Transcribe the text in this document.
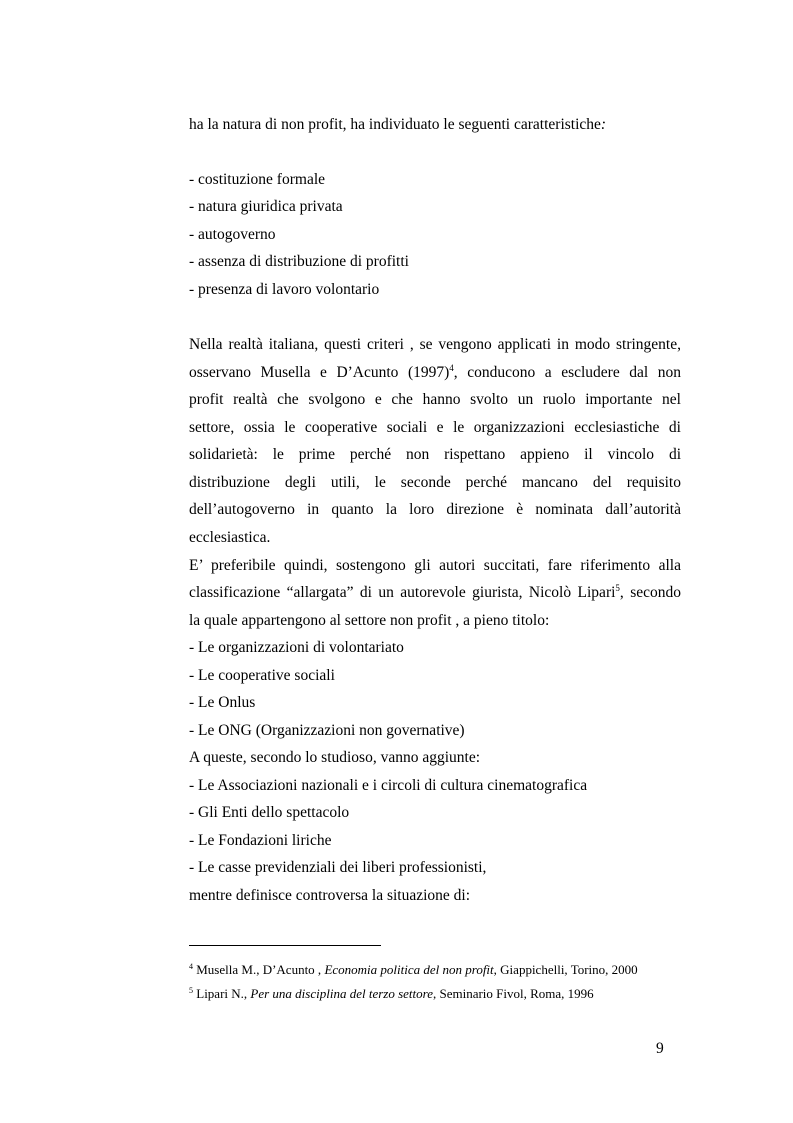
ha la natura di non profit, ha individuato le seguenti caratteristiche:
- costituzione formale
- natura giuridica privata
- autogoverno
- assenza di distribuzione di profitti
- presenza di lavoro volontario
Nella realtà italiana, questi criteri , se vengono applicati in modo stringente,
osservano Musella e D’Acunto $(1997)^4$, conducono a escludere dal non
profit realtà che svolgono e che hanno svolto un ruolo importante nel
settore, ossia le cooperative sociali e le organizzazioni ecclesiastiche di
solidarietà: le prime perché non rispettano appieno il vincolo di
distribuzione degli utili, le seconde perché mancano del requisito
dell’autogoverno in quanto la loro direzione è nominata dall’autorità
ecclesiastica.
E’ preferibile quindi, sostengono gli autori succitati, fare riferimento alla
classificazione “allargata” di un autorevole giurista, Nicolò Lipari$^5$, secondo
la quale appartengono al settore non profit , a pieno titolo:
- Le organizzazioni di volontariato
- Le cooperative sociali
- Le Onlus
- Le ONG (Organizzazioni non governative)
A queste, secondo lo studioso, vanno aggiunte:
- Le Associazioni nazionali e i circoli di cultura cinematografica
- Gli Enti dello spettacolo
- Le Fondazioni liriche
- Le casse previdenziali dei liberi professionisti,
mentre definisce controversa la situazione di:
$^4$ Musella M., D’Acunto , Economia politica del non profit, Giappichelli, Torino, 2000
$^5$ Lipari N., Per una disciplina del terzo settore, Seminario Fivol, Roma, 1996
9
